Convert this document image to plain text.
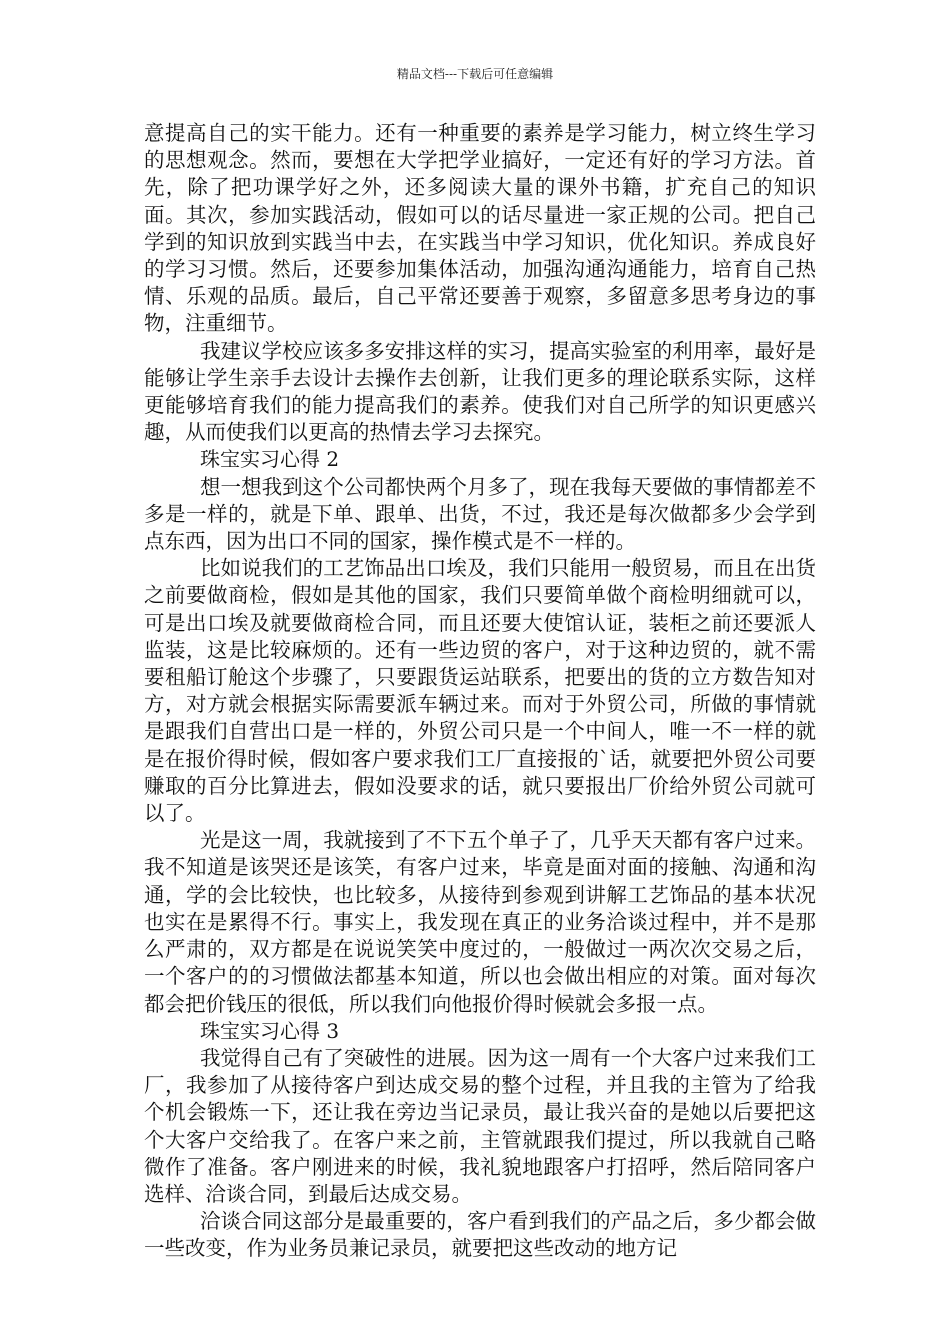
精品文档---下载后可任意编辑

意提高自己的实干能力。还有一种重要的素养是学习能力，树立终生学习的思想观念。然而，要想在大学把学业搞好，一定还有好的学习方法。首先，除了把功课学好之外，还多阅读大量的课外书籍，扩充自己的知识面。其次，参加实践活动，假如可以的话尽量进一家正规的公司。把自己学到的知识放到实践当中去，在实践当中学习知识，优化知识。养成良好的学习习惯。然后，还要参加集体活动，加强沟通沟通能力，培育自己热情、乐观的品质。最后，自己平常还要善于观察，多留意多思考身边的事物，注重细节。

我建议学校应该多多安排这样的实习，提高实验室的利用率，最好是能够让学生亲手去设计去操作去创新，让我们更多的理论联系实际，这样更能够培育我们的能力提高我们的素养。使我们对自己所学的知识更感兴趣，从而使我们以更高的热情去学习去探究。

珠宝实习心得 2

想一想我到这个公司都快两个月多了，现在我每天要做的事情都差不多是一样的，就是下单、跟单、出货，不过，我还是每次做都多少会学到点东西，因为出口不同的国家，操作模式是不一样的。

比如说我们的工艺饰品出口埃及，我们只能用一般贸易，而且在出货之前要做商检，假如是其他的国家，我们只要简单做个商检明细就可以，可是出口埃及就要做商检合同，而且还要大使馆认证，装柜之前还要派人监装，这是比较麻烦的。还有一些边贸的客户，对于这种边贸的，就不需要租船订舱这个步骤了，只要跟货运站联系，把要出的货的立方数告知对方，对方就会根据实际需要派车辆过来。而对于外贸公司，所做的事情就是跟我们自营出口是一样的，外贸公司只是一个中间人，唯一不一样的就是在报价得时候，假如客户要求我们工厂直接报的`话，就要把外贸公司要赚取的百分比算进去，假如没要求的话，就只要报出厂价给外贸公司就可以了。

光是这一周，我就接到了不下五个单子了，几乎天天都有客户过来。我不知道是该哭还是该笑，有客户过来，毕竟是面对面的接触、沟通和沟通，学的会比较快，也比较多，从接待到参观到讲解工艺饰品的基本状况也实在是累得不行。事实上，我发现在真正的业务洽谈过程中，并不是那么严肃的，双方都是在说说笑笑中度过的，一般做过一两次次交易之后，一个客户的的习惯做法都基本知道，所以也会做出相应的对策。面对每次都会把价钱压的很低，所以我们向他报价得时候就会多报一点。

珠宝实习心得 3

我觉得自己有了突破性的进展。因为这一周有一个大客户过来我们工厂，我参加了从接待客户到达成交易的整个过程，并且我的主管为了给我个机会锻炼一下，还让我在旁边当记录员，最让我兴奋的是她以后要把这个大客户交给我了。在客户来之前，主管就跟我们提过，所以我就自己略微作了准备。客户刚进来的时候，我礼貌地跟客户打招呼，然后陪同客户选样、洽谈合同，到最后达成交易。

洽谈合同这部分是最重要的，客户看到我们的产品之后，多少都会做一些改变，作为业务员兼记录员，就要把这些改动的地方记
